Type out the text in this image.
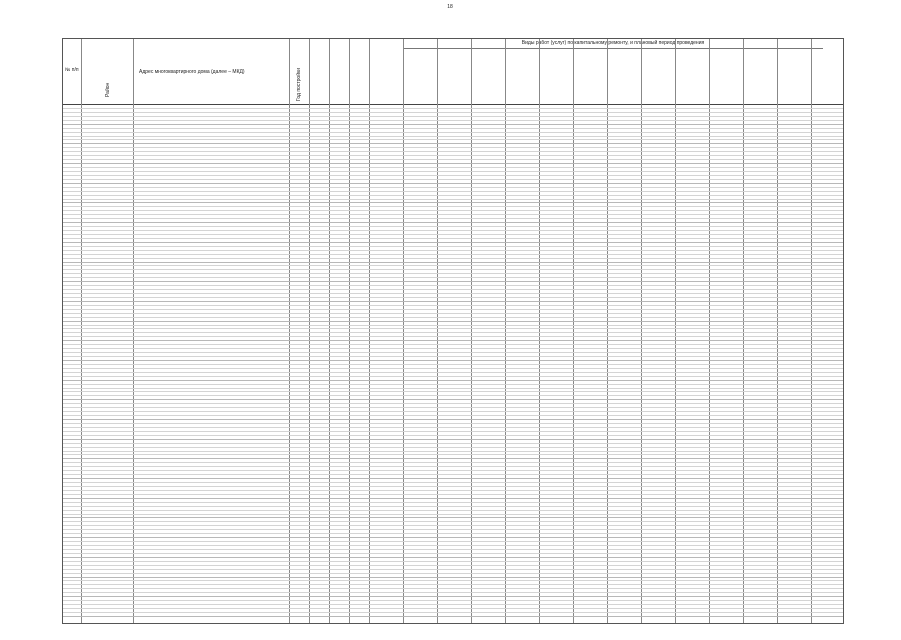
18
Виды работ (услуг) по капитальному ремонту, и плановый период проведения
№ п/п
Район
Адрес многоквартирного дома (далее – МКД)	Год постройки
